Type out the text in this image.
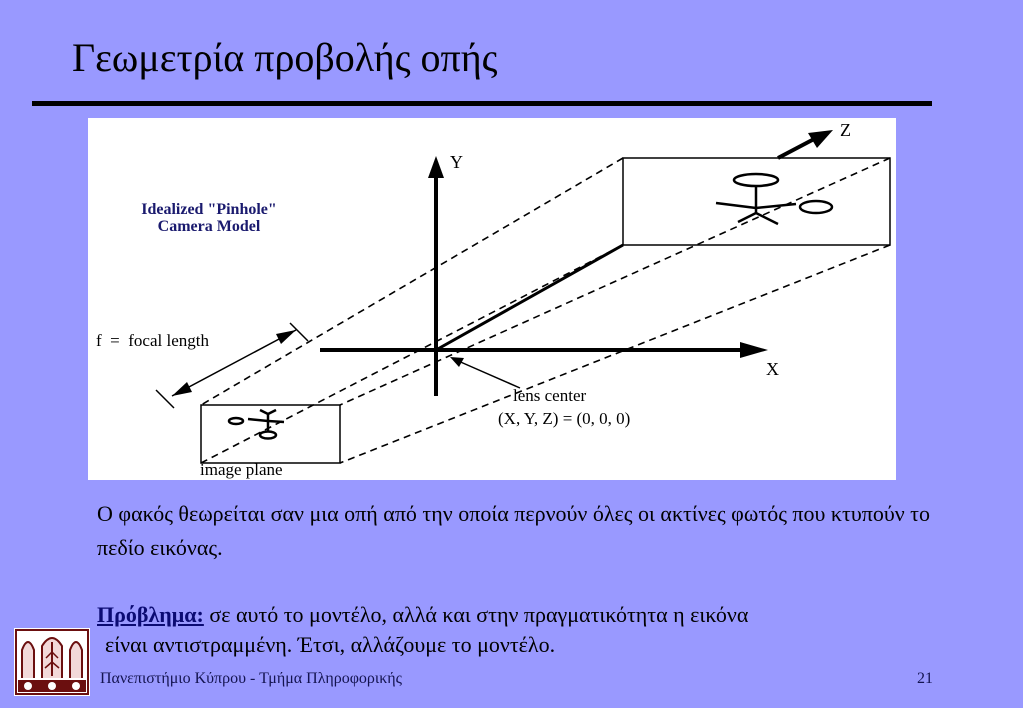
Γεωμετρία προβολής οπής
Y
X
Z
Idealized "Pinhole"
Camera Model
f  =  focal length
lens center
(X, Y, Z) = (0, 0, 0)
image plane
Ο φακός θεωρείται σαν μια οπή από την οποία περνούν όλες οι ακτίνες φωτός που κτυπούν το πεδίο εικόνας.
Πρόβλημα: σε αυτό το μοντέλο, αλλά και στην πραγματικότητα η εικόνα
είναι αντιστραμμένη. Έτσι, αλλάζουμε το μοντέλο.
Πανεπιστήμιο Κύπρου - Τμήμα Πληροφορικής	21
